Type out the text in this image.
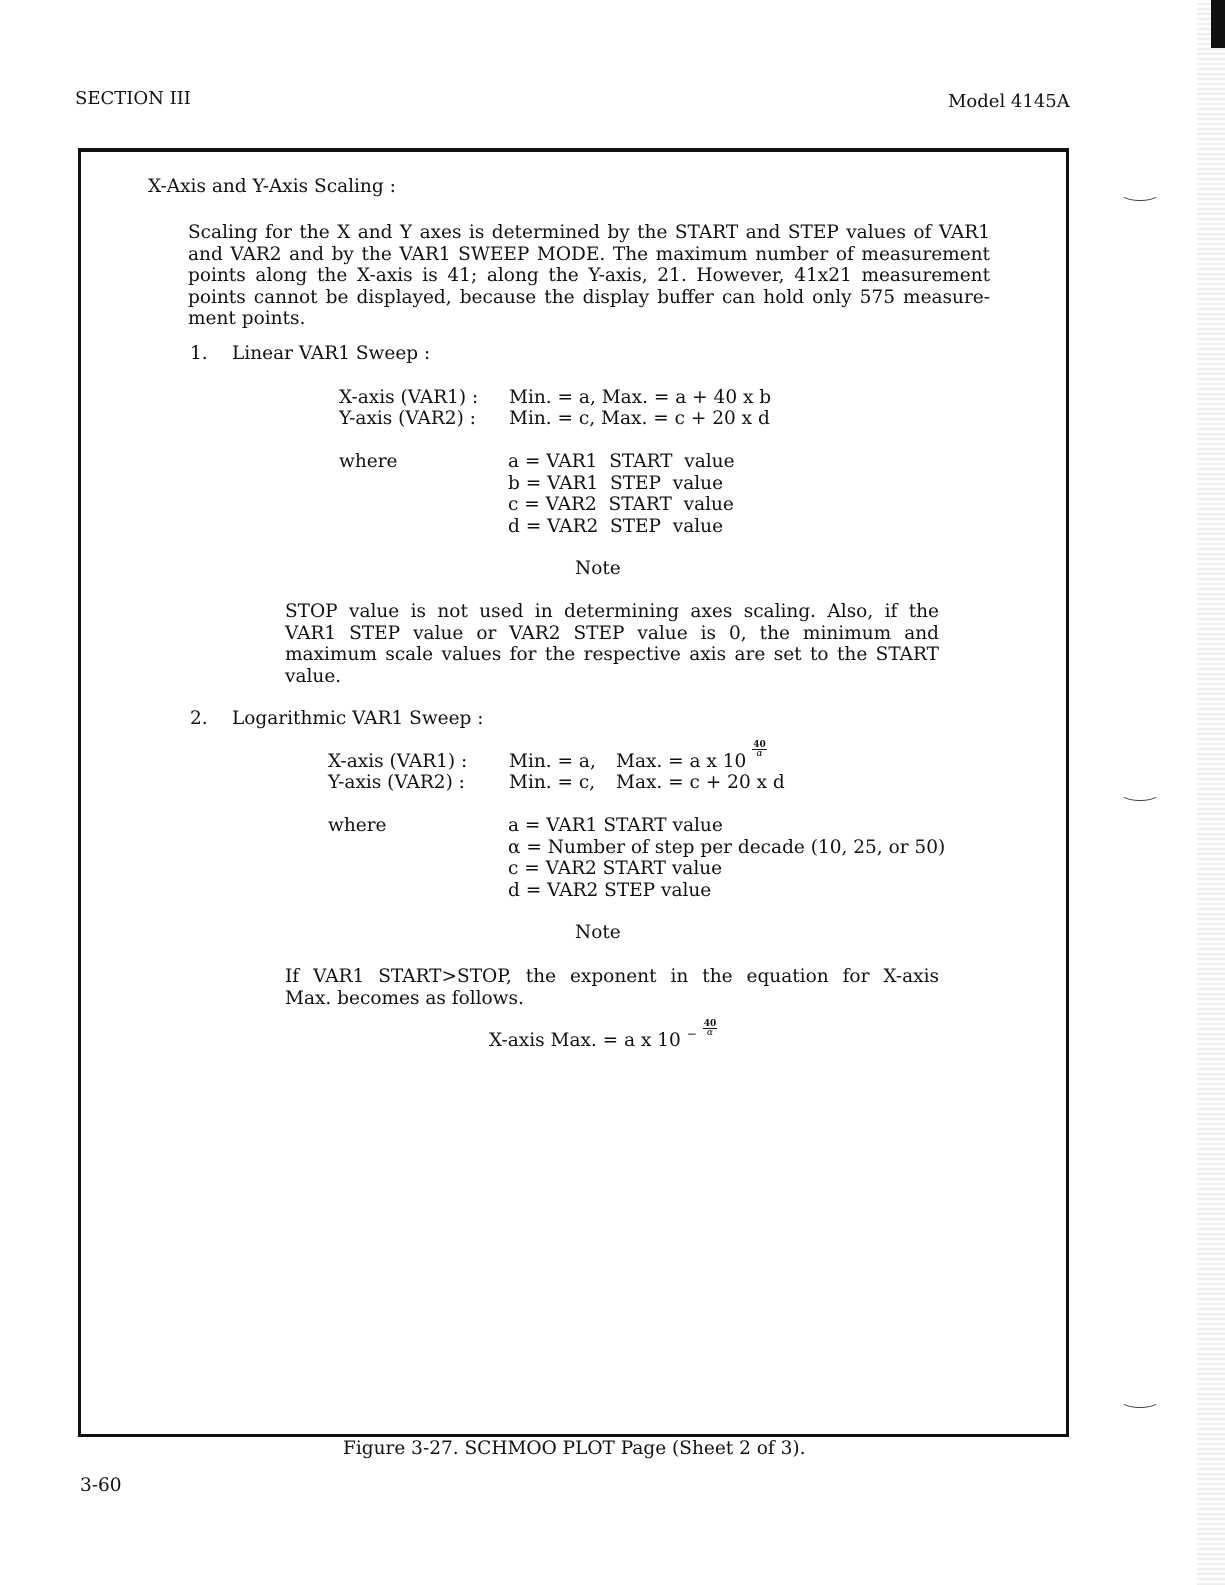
SECTION III	Model 4145A
X-Axis and Y-Axis Scaling :
Scaling for the X and Y axes is determined by the START and STEP values of VAR1
and VAR2 and by the VAR1 SWEEP MODE. The maximum number of measurement
points along the X-axis is 41; along the Y-axis, 21. However, 41x21 measurement
points cannot be displayed, because the display buffer can hold only 575 measure-
ment points.
1. Linear VAR1 Sweep :
X-axis (VAR1) : Min. = a, Max. = a + 40 x b
Y-axis (VAR2) : Min. = c, Max. = c + 20 x d
where	a = VAR1  START  value
b = VAR1  STEP  value
c = VAR2  START  value
d = VAR2  STEP  value
Note
STOP value is not used in determining axes scaling. Also, if the
VAR1 STEP value or VAR2 STEP value is 0, the minimum and
maximum scale values for the respective axis are set to the START
value.
2. Logarithmic VAR1 Sweep :
X-axis (VAR1) : Min. = a, Max. = a x 10
$\frac{40}{\alpha}$
Y-axis (VAR2) : Min. = c, Max. = c + 20 x d
where	a = VAR1 START value
α = Number of step per decade (10, 25, or 50)
c = VAR2 START value
d = VAR2 STEP value
Note
If VAR1 START>STOP, the exponent in the equation for X-axis
Max. becomes as follows.
X-axis Max. = a x 10 $^- \frac{40}{\alpha}$
Figure 3-27. SCHMOO PLOT Page (Sheet 2 of 3).
3-60
